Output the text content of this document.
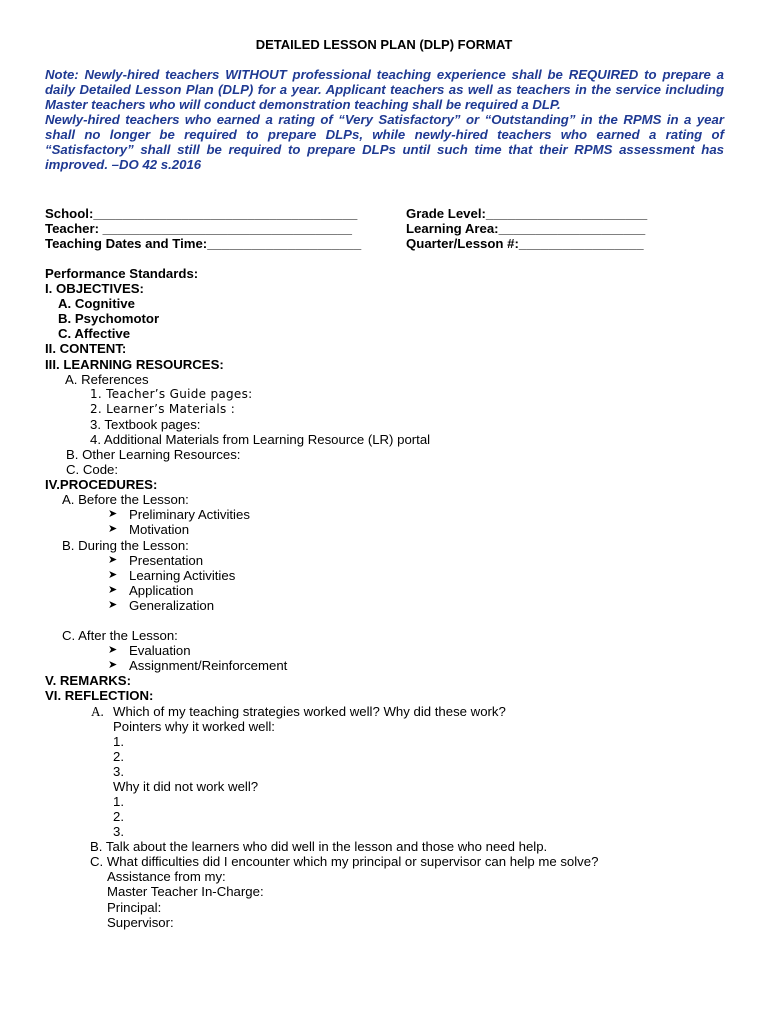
DETAILED LESSON PLAN (DLP) FORMAT

Note: Newly-hired teachers WITHOUT professional teaching experience shall be REQUIRED to prepare a daily Detailed Lesson Plan (DLP) for a year. Applicant teachers as well as teachers in the service including Master teachers who will conduct demonstration teaching shall be required a DLP.

Newly-hired teachers who earned a rating of “Very Satisfactory” or “Outstanding” in the RPMS in a year shall no longer be required to prepare DLPs, while newly-hired teachers who earned a rating of “Satisfactory” shall still be required to prepare DLPs until such time that their RPMS assessment has improved. –DO 42 s.2016

School:____________________________________	Grade Level:______________________
Teacher: __________________________________	Learning Area:____________________
Teaching Dates and Time:_____________________	Quarter/Lesson #:_________________
Performance Standards:
I. OBJECTIVES:
A. Cognitive
B. Psychomotor
C. Affective
II. CONTENT:
III. LEARNING RESOURCES:
A. References
1. Teacher’s Guide pages:
2. Learner’s Materials :
3. Textbook pages:
4. Additional Materials from Learning Resource (LR) portal
B. Other Learning Resources:
C. Code:
IV.PROCEDURES:
A. Before the Lesson:
➤ Preliminary Activities
➤ Motivation
B. During the Lesson:
➤ Presentation
➤ Learning Activities
➤ Application
➤ Generalization
C. After the Lesson:
➤ Evaluation
➤ Assignment/Reinforcement
V. REMARKS:
VI. REFLECTION:
A. Which of my teaching strategies worked well? Why did these work?
Pointers why it worked well:
1.
2.
3.
Why it did not work well?
1.
2.
3.
B. Talk about the learners who did well in the lesson and those who need help.
C. What difficulties did I encounter which my principal or supervisor can help me solve?
Assistance from my:
Master Teacher In-Charge:
Principal:
Supervisor:
